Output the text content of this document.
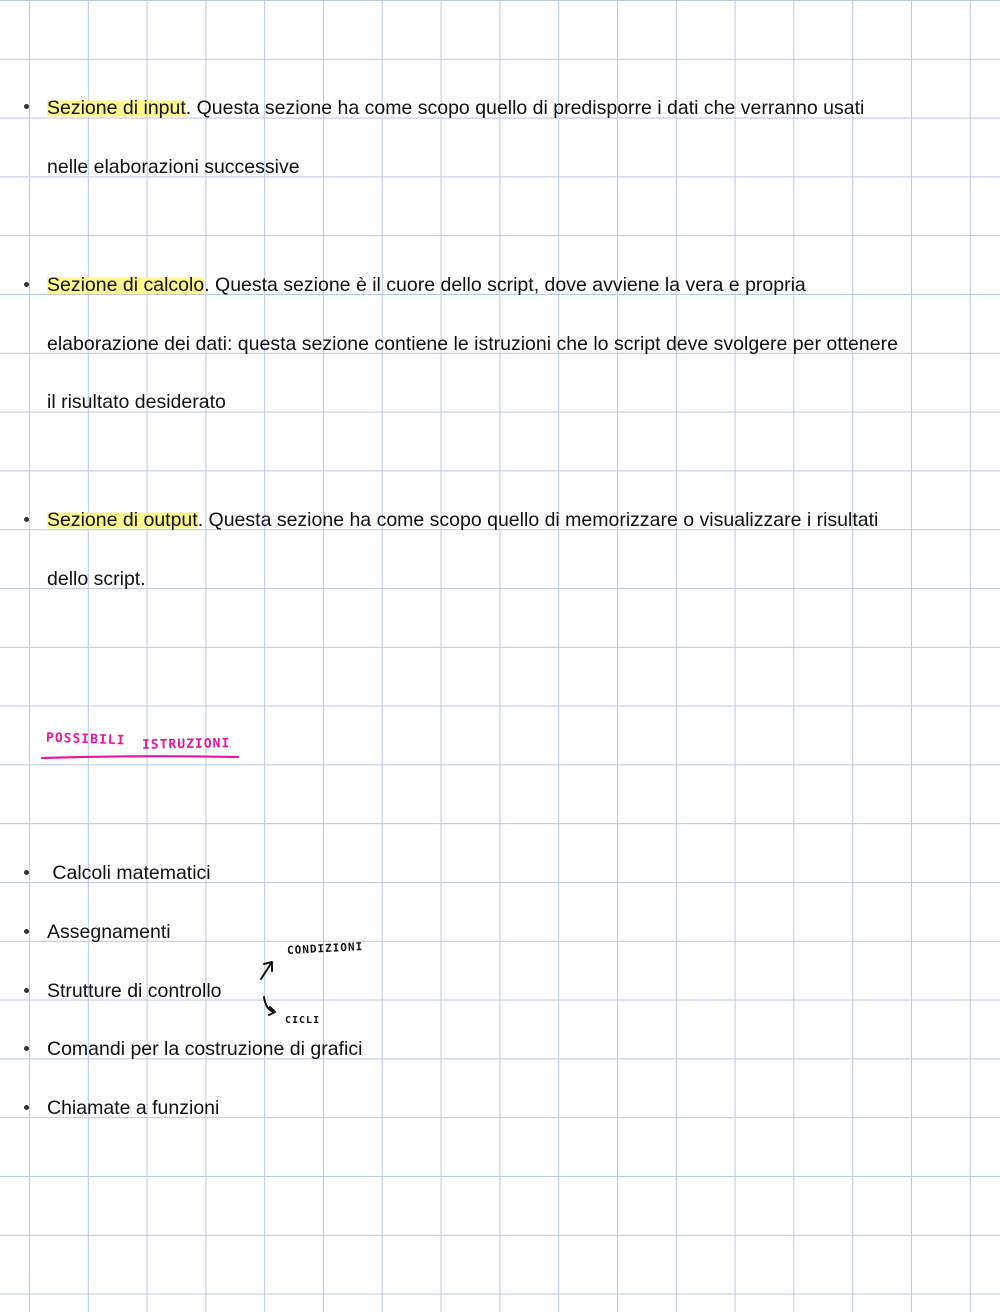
Sezione di input. Questa sezione ha come scopo quello di predisporre i dati che verranno usati
nelle elaborazioni successive
Sezione di calcolo. Questa sezione è il cuore dello script, dove avviene la vera e propria
elaborazione dei dati: questa sezione contiene le istruzioni che lo script deve svolgere per ottenere
il risultato desiderato
Sezione di output. Questa sezione ha come scopo quello di memorizzare o visualizzare i risultati
dello script.
POSSIBILI ISTRUZIONI
Calcoli matematici
Assegnamenti
Strutture di controllo
Comandi per la costruzione di grafici
Chiamate a funzioni
CONDIZIONI
CICLI
